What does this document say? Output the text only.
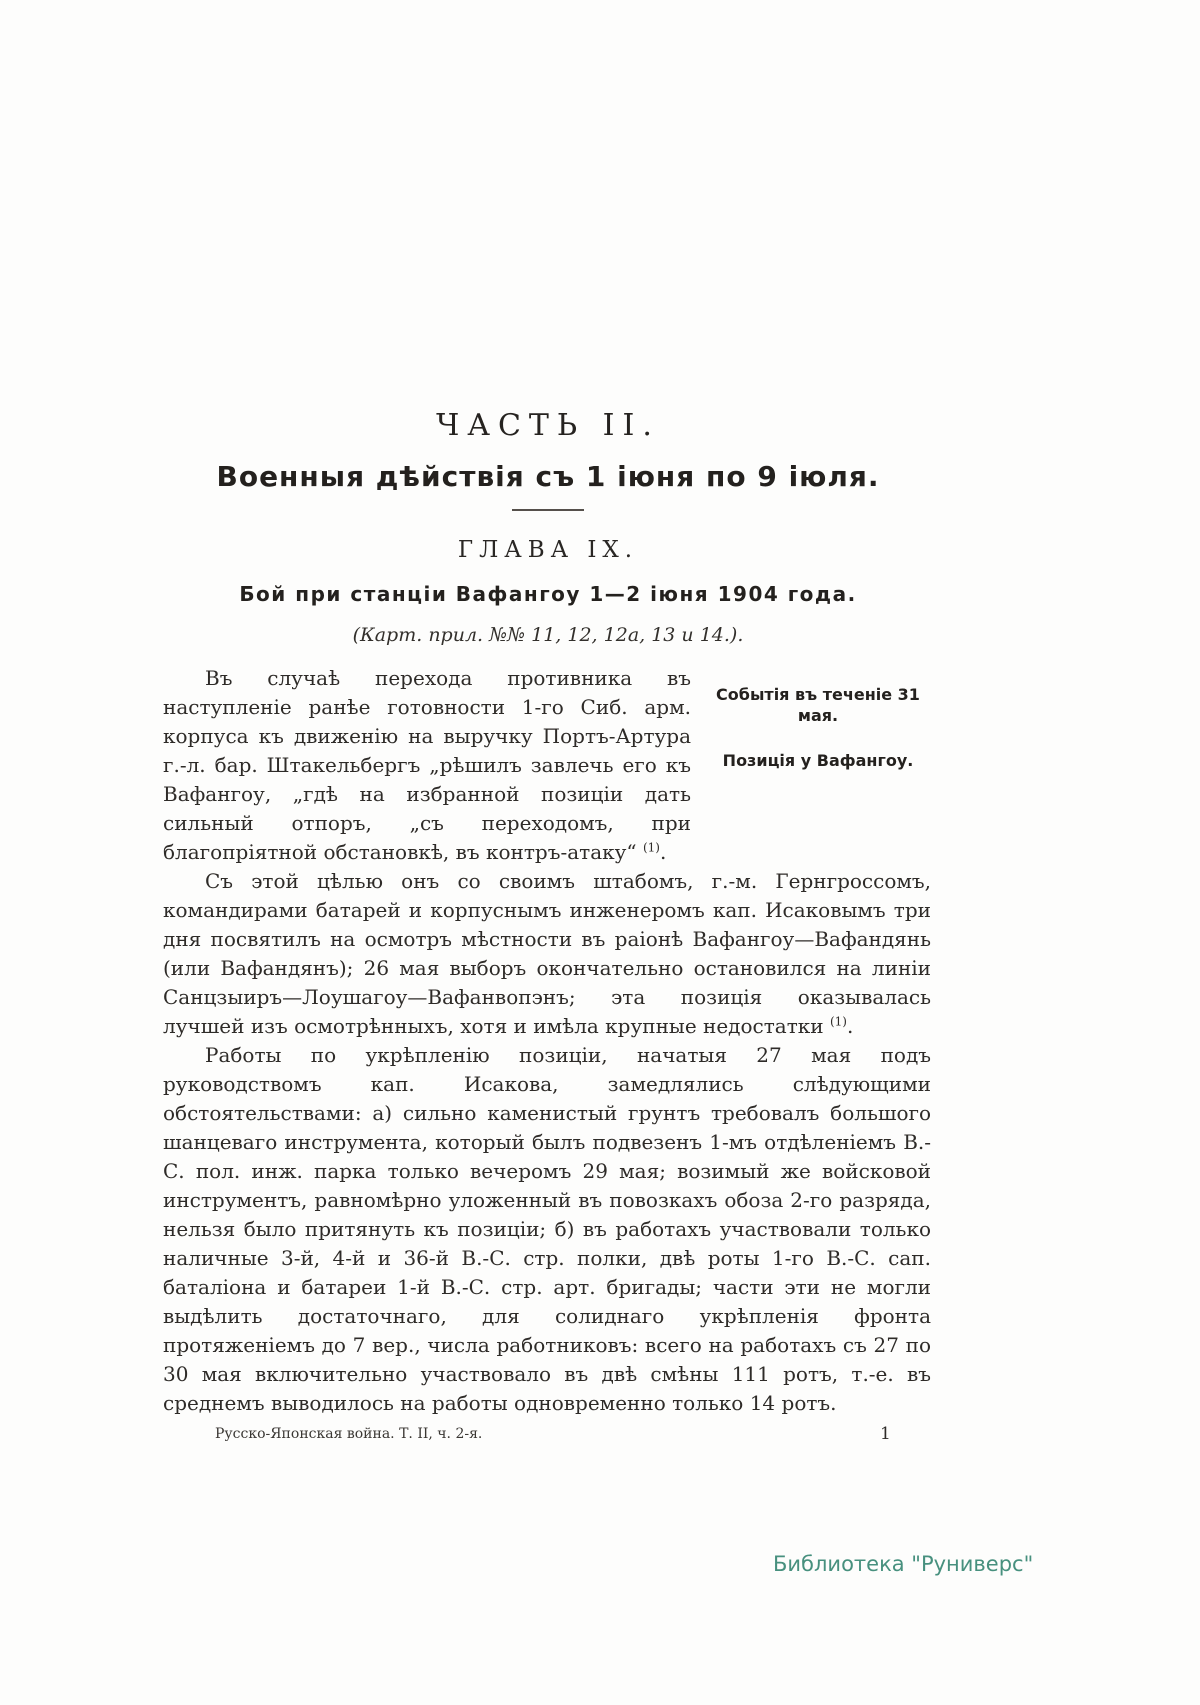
ЧАСТЬ II.
Военныя дѣйствія съ 1 іюня по 9 іюля.
ГЛАВА IX.
Бой при станціи Вафангоу 1—2 іюня 1904 года.
(Карт. прил. №№ 11, 12, 12а, 13 и 14.).
Событія въ теченіе 31 мая.
Позиція у Вафангоу.

Въ случаѣ перехода противника въ наступленіе ранѣе готовности 1-го Сиб. арм. корпуса къ движенію на выручку Портъ-Артура г.-л. бар. Штакельбергъ „рѣшилъ завлечь его къ Вафангоу, „гдѣ на избранной позиціи дать сильный отпоръ, „съ переходомъ, при благопріятной обстановкѣ, въ контръ-атаку“ $^{(1)}$.

Съ этой цѣлью онъ со своимъ штабомъ, г.-м. Гернгроссомъ, командирами батарей и корпуснымъ инженеромъ кап. Исаковымъ три дня посвятилъ на осмотръ мѣстности въ раіонѣ Вафангоу—Вафандянь (или Вафандянъ); 26 мая выборъ окончательно остановился на линіи Санцзыиръ—Лоушагоу—Вафанвопэнъ; эта позиція оказывалась лучшей изъ осмотрѣнныхъ, хотя и имѣла крупные недостатки $^{(1)}$.

Работы по укрѣпленію позиціи, начатыя 27 мая подъ руководствомъ кап. Исакова, замедлялись слѣдующими обстоятельствами: а) сильно каменистый грунтъ требовалъ большого шанцеваго инструмента, который былъ подвезенъ 1-мъ отдѣленіемъ В.-С. пол. инж. парка только вечеромъ 29 мая; возимый же войсковой инструментъ, равномѣрно уложенный въ повозкахъ обоза 2-го разряда, нельзя было притянуть къ позиціи; б) въ работахъ участвовали только наличные 3-й, 4-й и 36-й В.-С. стр. полки, двѣ роты 1-го В.-С. сап. баталіона и батареи 1-й В.-С. стр. арт. бригады; части эти не могли выдѣлить достаточнаго, для солиднаго укрѣпленія фронта протяженіемъ до 7 вер., числа работниковъ: всего на работахъ съ 27 по 30 мая включительно участвовало въ двѣ смѣны 111 ротъ, т.-е. въ среднемъ выводилось на работы одновременно только 14 ротъ.

Русско-Японская война. Т. II, ч. 2-я.	1
Библиотека "Руниверс"
